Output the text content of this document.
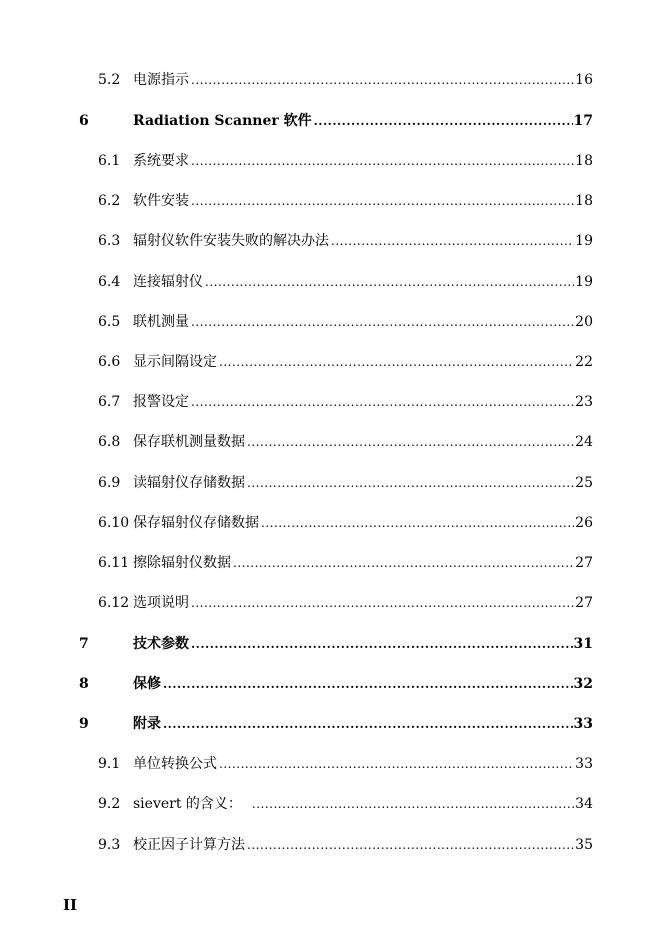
5.2 电源指示 .....	16
6	Radiation Scanner 软件 .....	17
6.1 系统要求 .....	18
6.2 软件安装 .....	18
6.3 辐射仪软件安装失败的解决办法 .....	19
6.4 连接辐射仪 .....	19
6.5 联机测量 .....	20
6.6 显示间隔设定 .....	22
6.7 报警设定 .....	23
6.8 保存联机测量数据 .....	24
6.9 读辐射仪存储数据 .....	25
6.10 保存辐射仪存储数据 .....	26
6.11 擦除辐射仪数据 .....	27
6.12 选项说明 .....	27
7	技术参数 .....	31
8	保修 .....	32
9	附录 .....	33
9.1 单位转换公式 .....	33
9.2 sievert 的含义： .....	34
9.3 校正因子计算方法 .....	35
II
